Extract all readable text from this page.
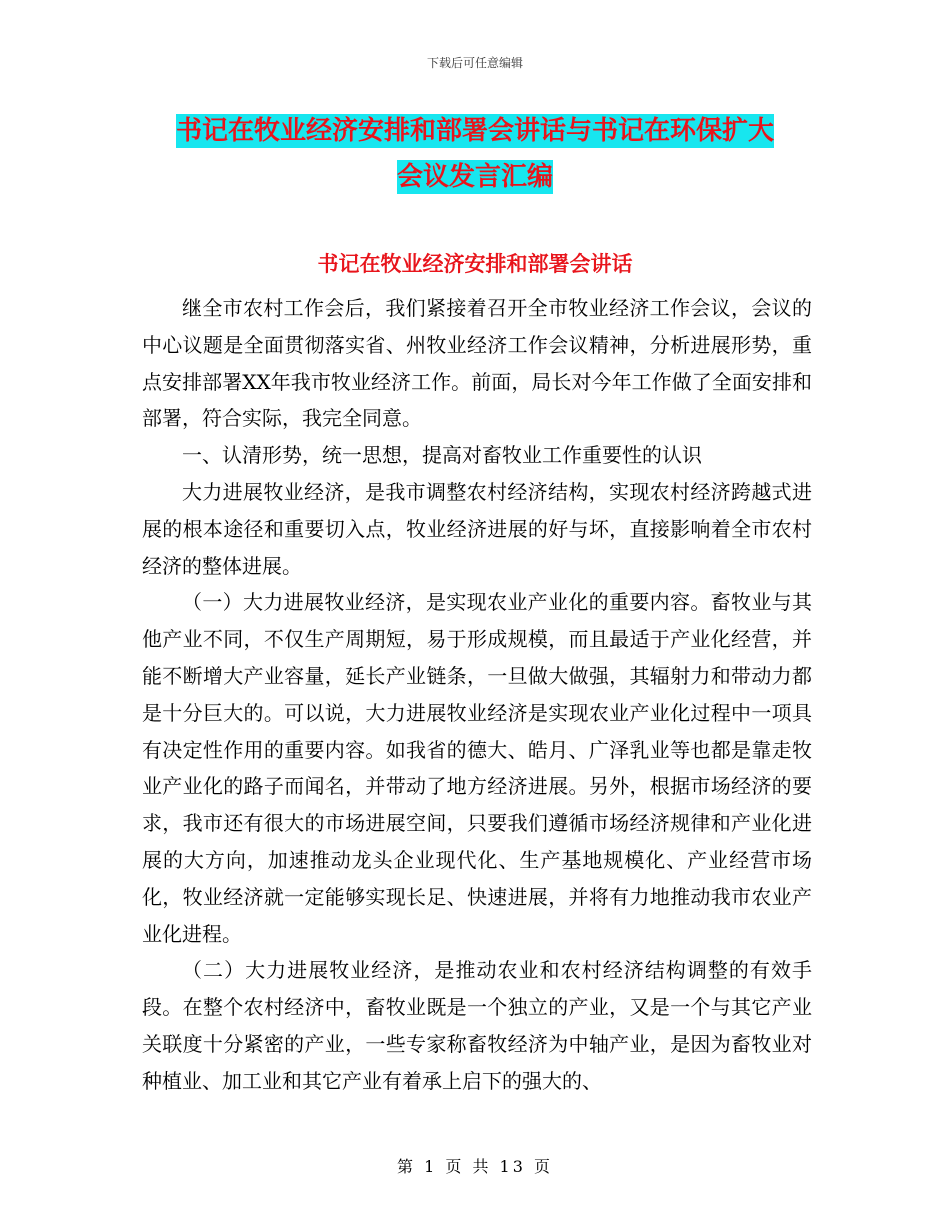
下载后可任意编辑
书记在牧业经济安排和部署会讲话与书记在环保扩大
会议发言汇编
书记在牧业经济安排和部署会讲话

继全市农村工作会后，我们紧接着召开全市牧业经济工作会议，会议的中心议题是全面贯彻落实省、州牧业经济工作会议精神，分析进展形势，重点安排部署XX年我市牧业经济工作。前面，局长对今年工作做了全面安排和部署，符合实际，我完全同意。

一、认清形势，统一思想，提高对畜牧业工作重要性的认识

大力进展牧业经济，是我市调整农村经济结构，实现农村经济跨越式进展的根本途径和重要切入点，牧业经济进展的好与坏，直接影响着全市农村经济的整体进展。

（一）大力进展牧业经济，是实现农业产业化的重要内容。畜牧业与其他产业不同，不仅生产周期短，易于形成规模，而且最适于产业化经营，并能不断增大产业容量，延长产业链条，一旦做大做强，其辐射力和带动力都是十分巨大的。可以说，大力进展牧业经济是实现农业产业化过程中一项具有决定性作用的重要内容。如我省的德大、皓月、广泽乳业等也都是靠走牧业产业化的路子而闻名，并带动了地方经济进展。另外，根据市场经济的要求，我市还有很大的市场进展空间，只要我们遵循市场经济规律和产业化进展的大方向，加速推动龙头企业现代化、生产基地规模化、产业经营市场化，牧业经济就一定能够实现长足、快速进展，并将有力地推动我市农业产业化进程。

（二）大力进展牧业经济，是推动农业和农村经济结构调整的有效手段。在整个农村经济中，畜牧业既是一个独立的产业，又是一个与其它产业关联度十分紧密的产业，一些专家称畜牧经济为中轴产业，是因为畜牧业对种植业、加工业和其它产业有着承上启下的强大的、

第 1 页 共 13 页
